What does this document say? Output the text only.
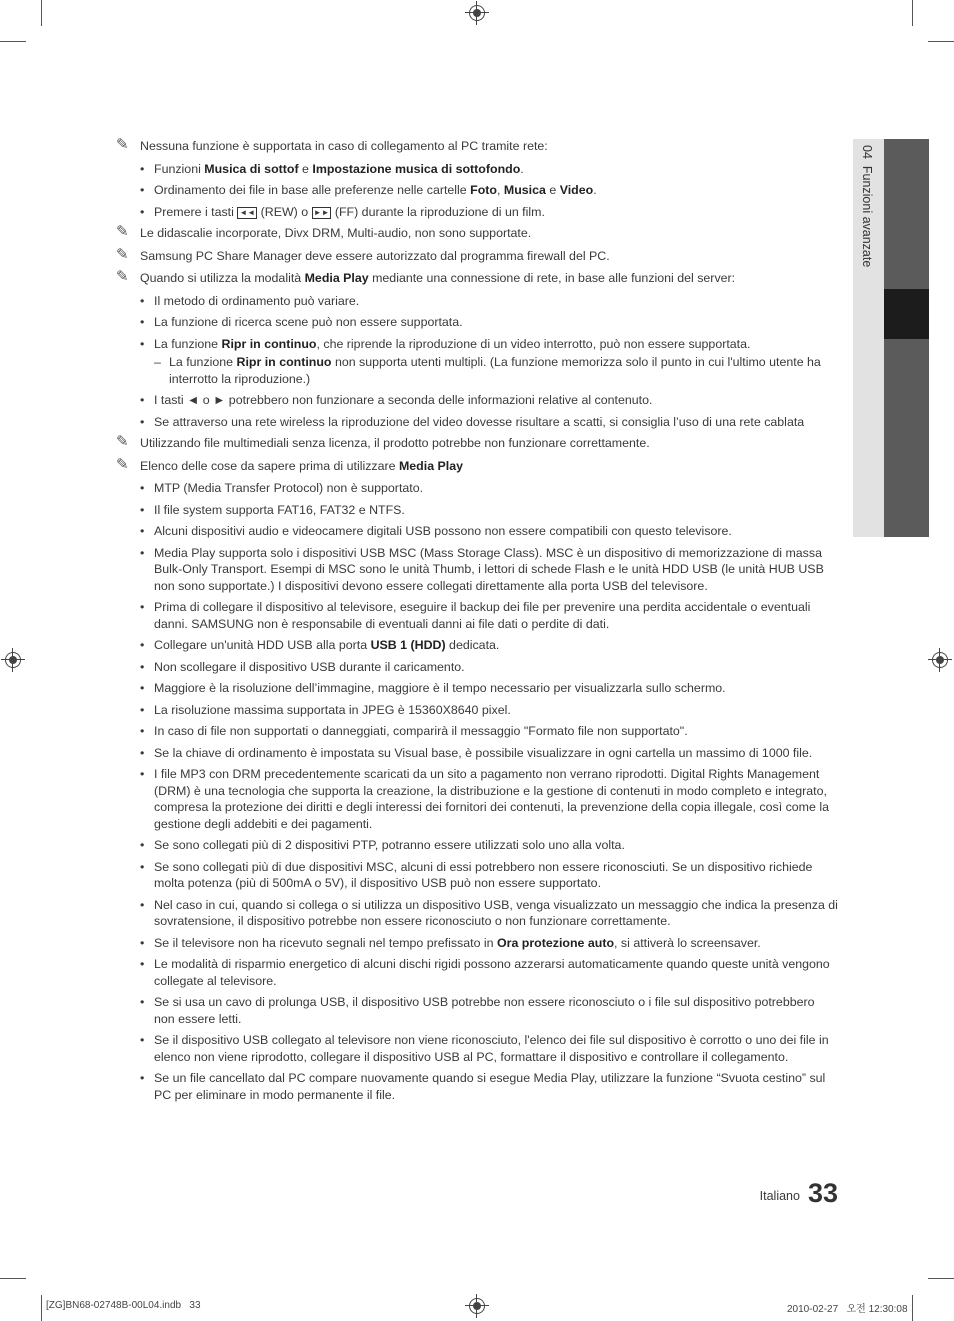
04  Funzioni avanzate
✎ Nessuna funzione è supportata in caso di collegamento al PC tramite rete:
• Funzioni Musica di sottof e Impostazione musica di sottofondo.
• Ordinamento dei file in base alle preferenze nelle cartelle Foto, Musica e Video.
• Premere i tasti ◄◄ (REW) o ►► (FF) durante la riproduzione di un film.
✎ Le didascalie incorporate, Divx DRM, Multi-audio, non sono supportate.
✎ Samsung PC Share Manager deve essere autorizzato dal programma firewall del PC.
✎ Quando si utilizza la modalità Media Play mediante una connessione di rete, in base alle funzioni del server:
• Il metodo di ordinamento può variare.
• La funzione di ricerca scene può non essere supportata.
• La funzione Ripr in continuo, che riprende la riproduzione di un video interrotto, può non essere supportata.
– La funzione Ripr in continuo non supporta utenti multipli. (La funzione memorizza solo il punto in cui l'ultimo utente ha interrotto la riproduzione.)
• I tasti ◄ o ► potrebbero non funzionare a seconda delle informazioni relative al contenuto.
• Se attraverso una rete wireless la riproduzione del video dovesse risultare a scatti, si consiglia l’uso di una rete cablata
✎ Utilizzando file multimediali senza licenza, il prodotto potrebbe non funzionare correttamente.
✎ Elenco delle cose da sapere prima di utilizzare Media Play
• MTP (Media Transfer Protocol) non è supportato.
• Il file system supporta FAT16, FAT32 e NTFS.
• Alcuni dispositivi audio e videocamere digitali USB possono non essere compatibili con questo televisore.
• Media Play supporta solo i dispositivi USB MSC (Mass Storage Class). MSC è un dispositivo di memorizzazione di massa Bulk-Only Transport. Esempi di MSC sono le unità Thumb, i lettori di schede Flash e le unità HDD USB (le unità HUB USB non sono supportate.) I dispositivi devono essere collegati direttamente alla porta USB del televisore.
• Prima di collegare il dispositivo al televisore, eseguire il backup dei file per prevenire una perdita accidentale o eventuali danni. SAMSUNG non è responsabile di eventuali danni ai file dati o perdite di dati.
• Collegare un'unità HDD USB alla porta USB 1 (HDD) dedicata.
• Non scollegare il dispositivo USB durante il caricamento.
• Maggiore è la risoluzione dell’immagine, maggiore è il tempo necessario per visualizzarla sullo schermo.
• La risoluzione massima supportata in JPEG è 15360X8640 pixel.
• In caso di file non supportati o danneggiati, comparirà il messaggio "Formato file non supportato".
• Se la chiave di ordinamento è impostata su Visual base, è possibile visualizzare in ogni cartella un massimo di 1000 file.
• I file MP3 con DRM precedentemente scaricati da un sito a pagamento non verrano riprodotti. Digital Rights Management (DRM) è una tecnologia che supporta la creazione, la distribuzione e la gestione di contenuti in modo completo e integrato, compresa la protezione dei diritti e degli interessi dei fornitori dei contenuti, la prevenzione della copia illegale, così come la gestione degli addebiti e dei pagamenti.
• Se sono collegati più di 2 dispositivi PTP, potranno essere utilizzati solo uno alla volta.
• Se sono collegati più di due dispositivi MSC, alcuni di essi potrebbero non essere riconosciuti. Se un dispositivo richiede molta potenza (più di 500mA o 5V), il dispositivo USB può non essere supportato.
• Nel caso in cui, quando si collega o si utilizza un dispositivo USB, venga visualizzato un messaggio che indica la presenza di sovratensione, il dispositivo potrebbe non essere riconosciuto o non funzionare correttamente.
• Se il televisore non ha ricevuto segnali nel tempo prefissato in Ora protezione auto, si attiverà lo screensaver.
• Le modalità di risparmio energetico di alcuni dischi rigidi possono azzerarsi automaticamente quando queste unità vengono collegate al televisore.
• Se si usa un cavo di prolunga USB, il dispositivo USB potrebbe non essere riconosciuto o i file sul dispositivo potrebbero non essere letti.
• Se il dispositivo USB collegato al televisore non viene riconosciuto, l'elenco dei file sul dispositivo è corrotto o uno dei file in elenco non viene riprodotto, collegare il dispositivo USB al PC, formattare il dispositivo e controllare il collegamento.
• Se un file cancellato dal PC compare nuovamente quando si esegue Media Play, utilizzare la funzione “Svuota cestino” sul PC per eliminare in modo permanente il file.
Italiano 33
[ZG]BN68-02748B-00L04.indb   33	2010-02-27   오전 12:30:08
